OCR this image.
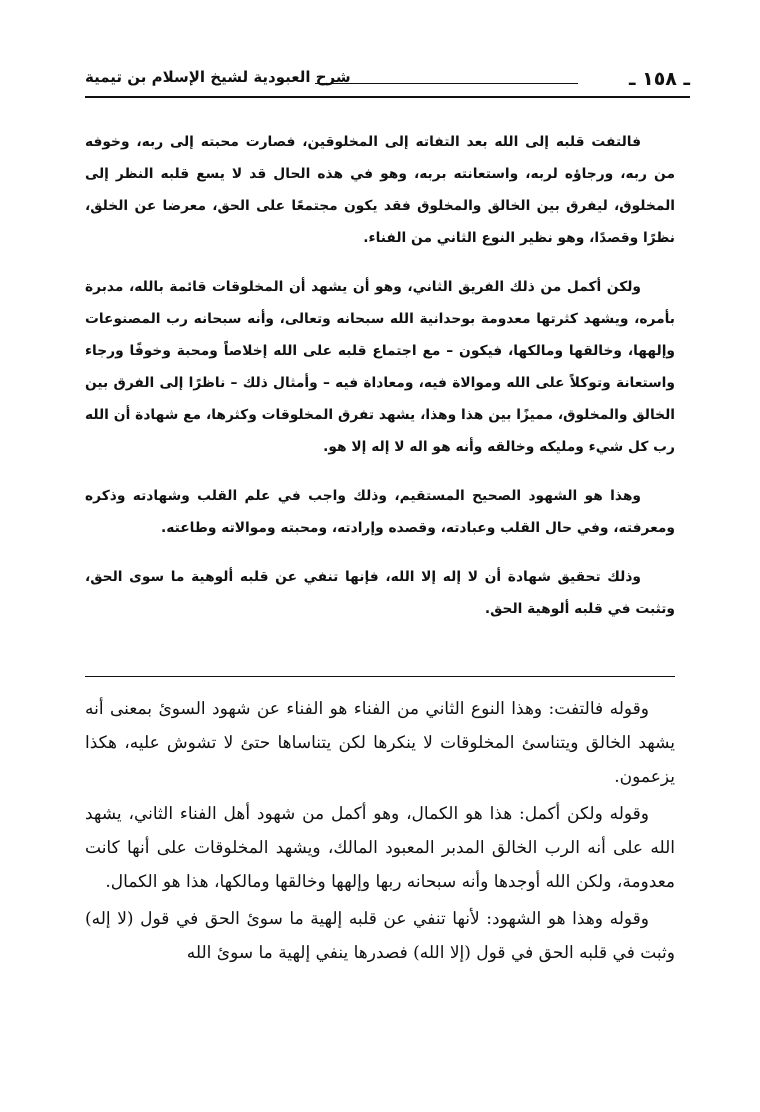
ـ ١٥٨ ـ
شرح العبودية لشيخ الإسلام بن تيمية

فالتفت قلبه إلى الله بعد التفاته إلى المخلوقين، فصارت محبته إلى ربه، وخوفه من ربه، ورجاؤه لربه، واستعانته بربه، وهو في هذه الحال قد لا يسع قلبه النظر إلى المخلوق، ليفرق بين الخالق والمخلوق فقد يكون مجتمعًا على الحق، معرضا عن الخلق، نظرًا وقصدًا، وهو نظير النوع الثاني من الفناء.

ولكن أكمل من ذلك الفريق الثاني، وهو أن يشهد أن المخلوقات قائمة بالله، مدبرة بأمره، ويشهد كثرتها معدومة بوحدانية الله سبحانه وتعالى، وأنه سبحانه رب المصنوعات وإلهها، وخالقها ومالكها، فيكون – مع اجتماع قلبه على الله إخلاصاً ومحبة وخوفًا ورجاء واستعانة وتوكلاً على الله وموالاة فيه، ومعاداة فيه – وأمثال ذلك – ناظرًا إلى الفرق بين الخالق والمخلوق، مميزًا بين هذا وهذا، يشهد تفرق المخلوقات وكثرها، مع شهادة أن الله رب كل شيء ومليكه وخالقه وأنه هو اله لا إله إلا هو.

وهذا هو الشهود الصحيح المستقيم، وذلك واجب في علم القلب وشهادته وذكره ومعرفته، وفي حال القلب وعبادته، وقصده وإرادته، ومحبته وموالاته وطاعته.

وذلك تحقيق شهادة أن لا إله إلا الله، فإنها تنفي عن قلبه ألوهية ما سوى الحق، وتثبت في قلبه ألوهية الحق.

وقوله فالتفت: وهذا النوع الثاني من الفناء هو الفناء عن شهود السوئ بمعنى أنه يشهد الخالق ويتناسئ المخلوقات لا ينكرها لكن يتناساها حتئ لا تشوش عليه، هكذا يزعمون.

وقوله ولكن أكمل: هذا هو الكمال، وهو أكمل من شهود أهل الفناء الثاني، يشهد الله على أنه الرب الخالق المدبر المعبود المالك، ويشهد المخلوقات على أنها كانت معدومة، ولكن الله أوجدها وأنه سبحانه ربها وإلهها وخالقها ومالكها، هذا هو الكمال.

وقوله وهذا هو الشهود: لأنها تنفي عن قلبه إلهية ما سوئ الحق في قول (لا إله) وثبت في قلبه الحق في قول (إلا الله) فصدرها ينفي إلهية ما سوئ الله
